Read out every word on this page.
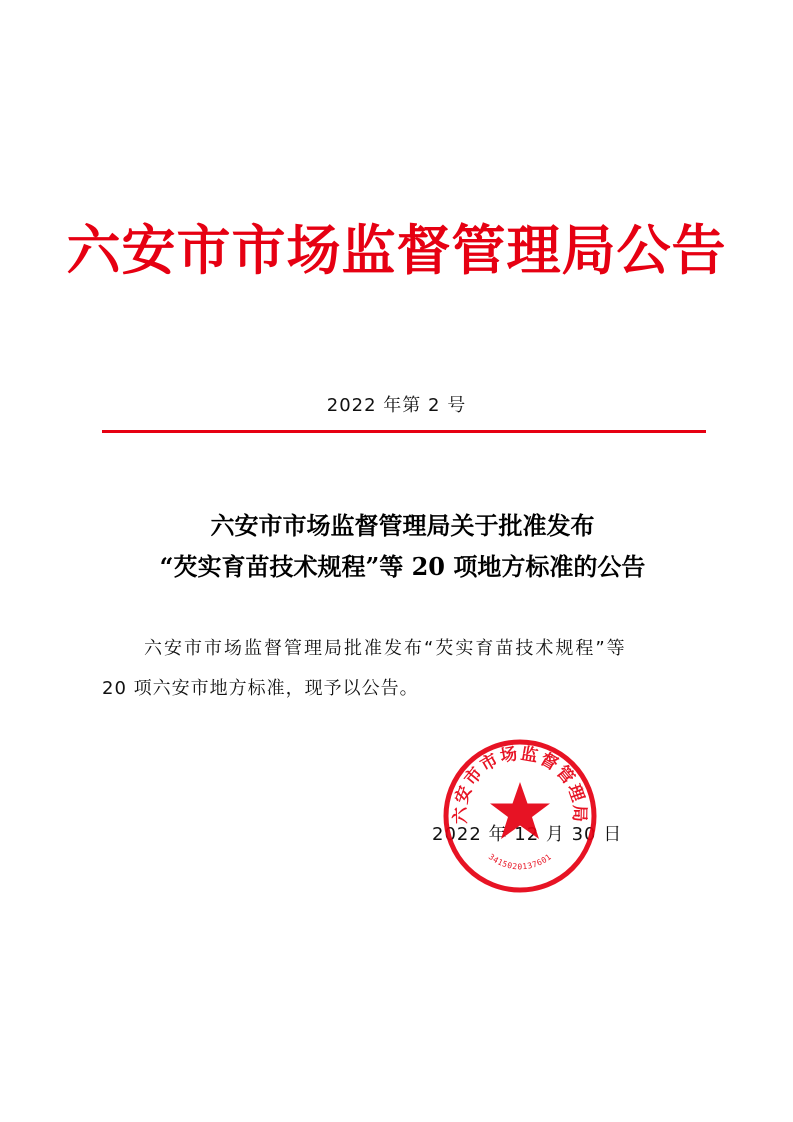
六安市市场监督管理局公告
2022 年第 2 号
六安市市场监督管理局关于批准发布
“芡实育苗技术规程”等 20 项地方标准的公告
六安市市场监督管理局批准发布“芡实育苗技术规程”等
20 项六安市地方标准，现予以公告。
2022 年 12 月 30 日
六安市市场监督管理局
3415020137601
